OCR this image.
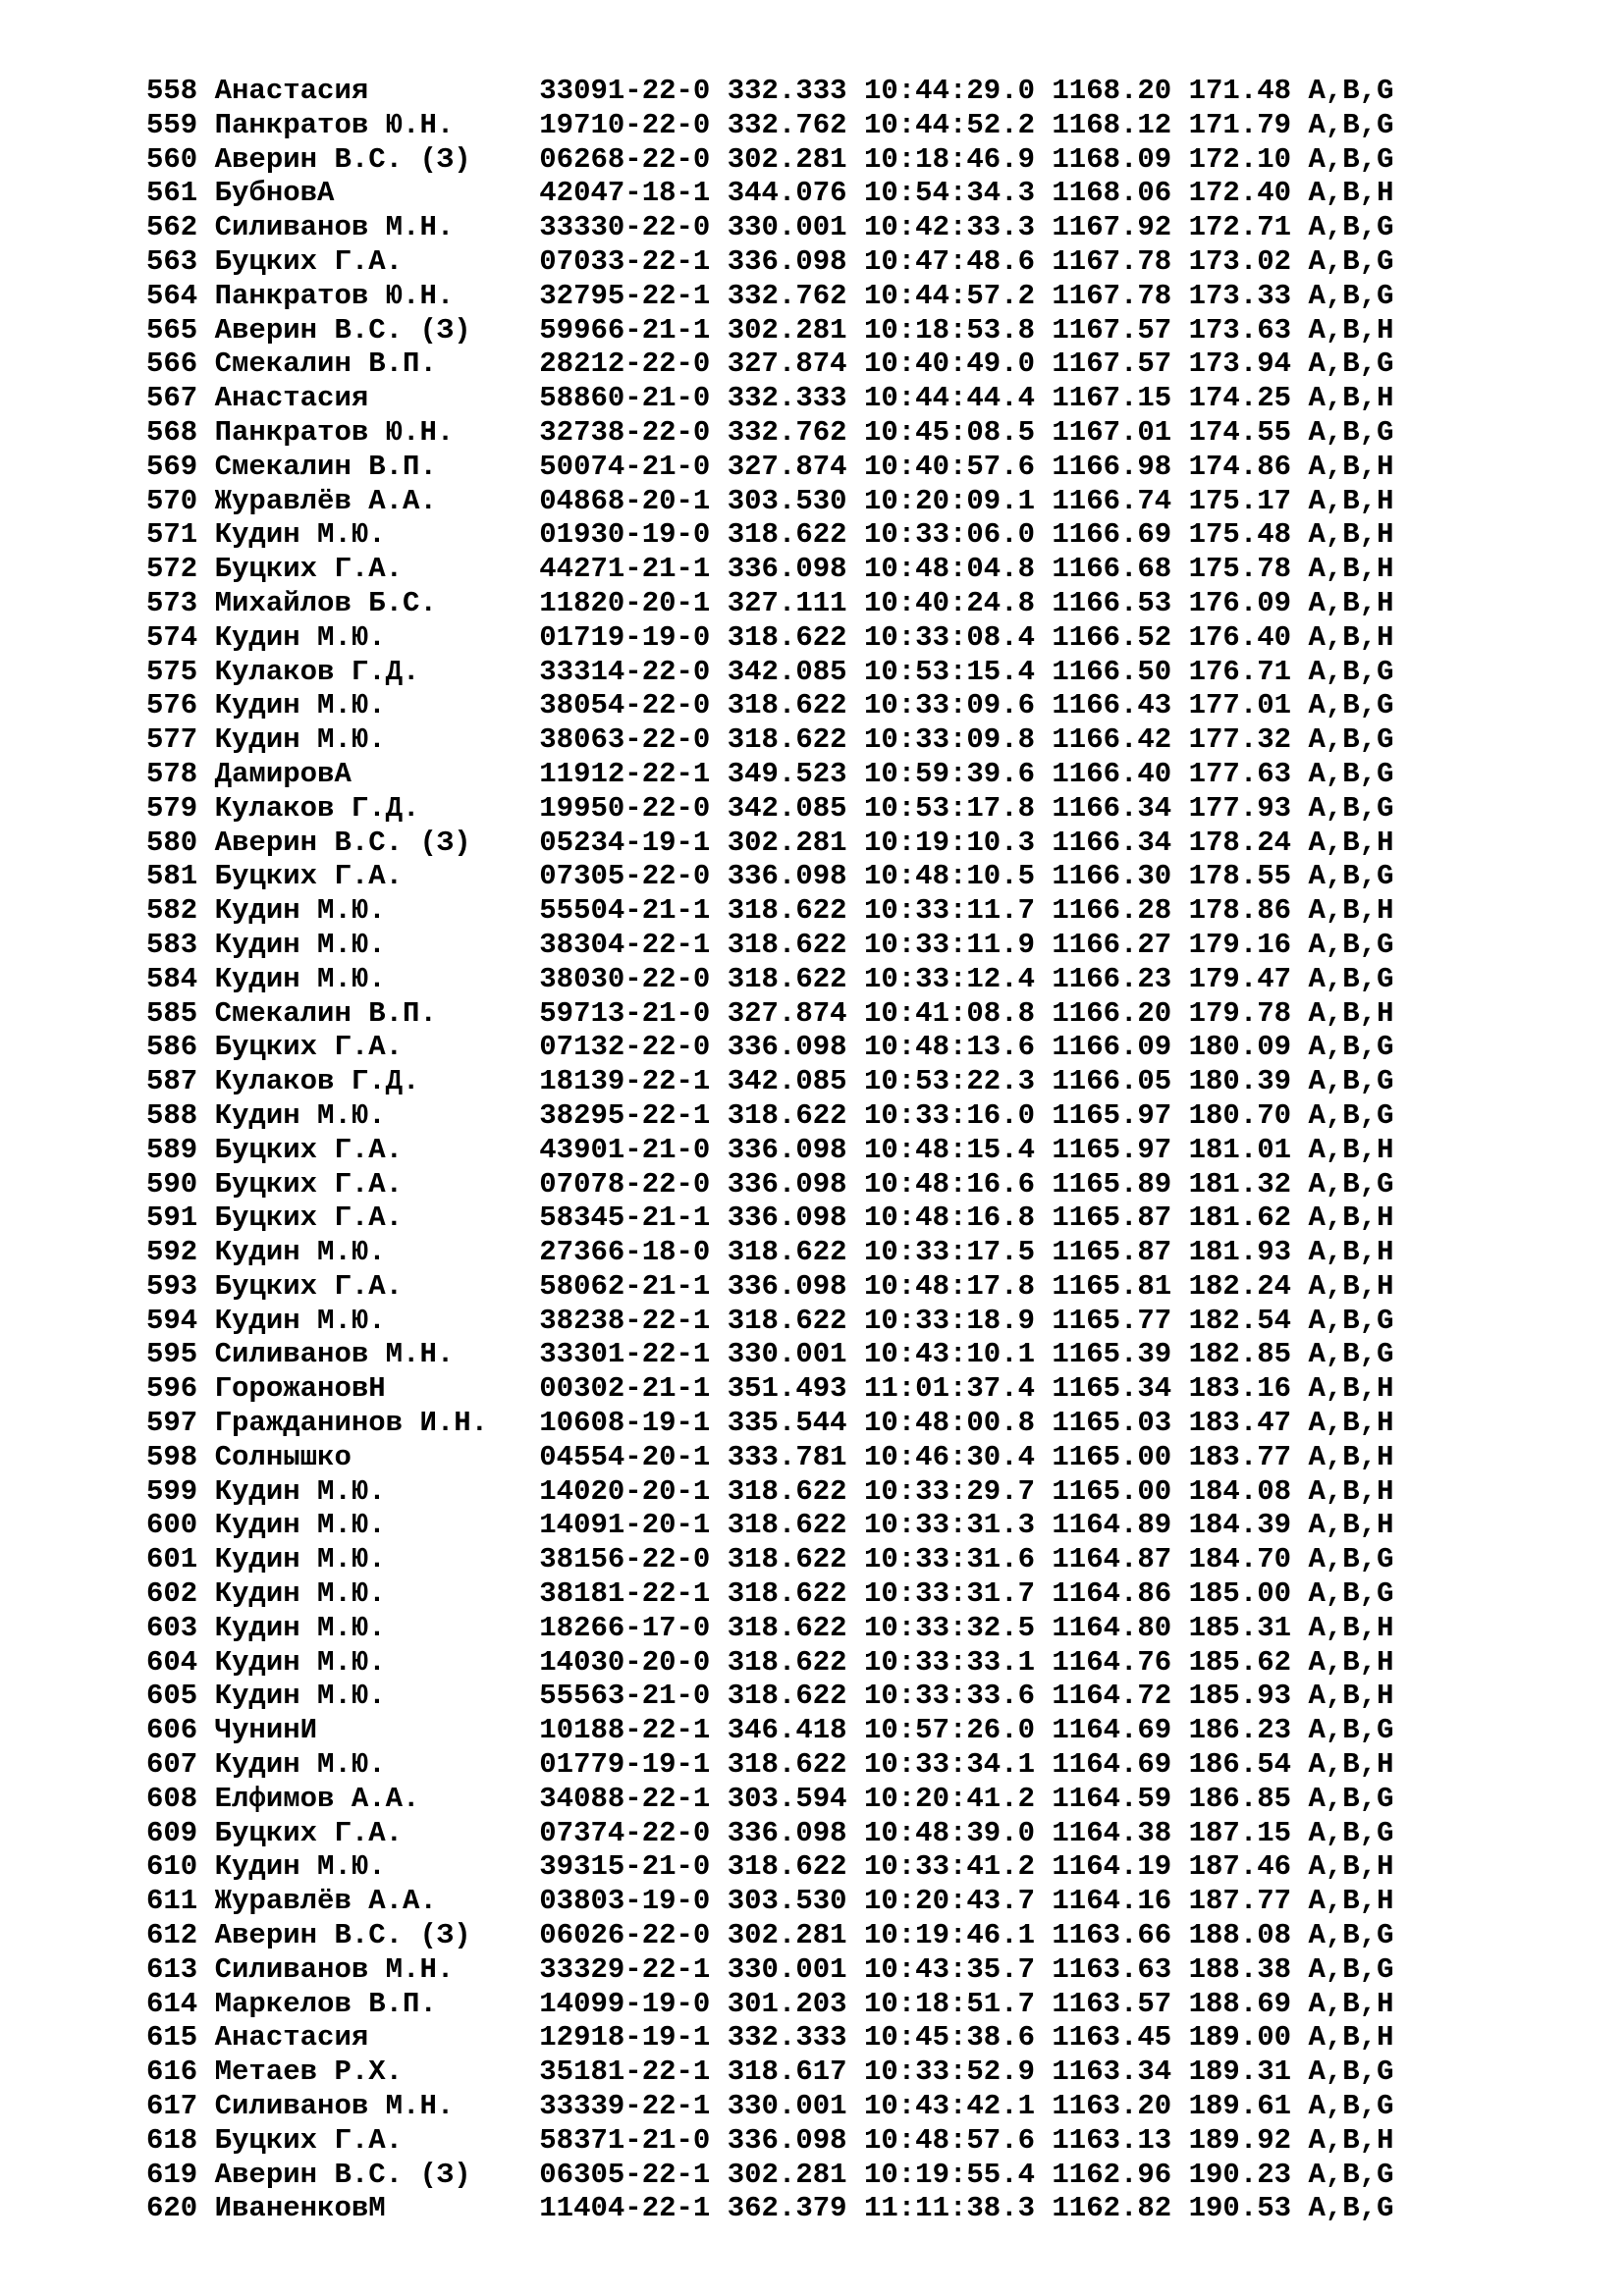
558 Анастасия          33091-22-0 332.333 10:44:29.0 1168.20 171.48 A,B,G
559 Панкратов Ю.Н.     19710-22-0 332.762 10:44:52.2 1168.12 171.79 A,B,G
560 Аверин В.С. (З)    06268-22-0 302.281 10:18:46.9 1168.09 172.10 A,B,G
561 БубновА            42047-18-1 344.076 10:54:34.3 1168.06 172.40 A,B,H
562 Силиванов М.Н.     33330-22-0 330.001 10:42:33.3 1167.92 172.71 A,B,G
563 Буцких Г.А.        07033-22-1 336.098 10:47:48.6 1167.78 173.02 A,B,G
564 Панкратов Ю.Н.     32795-22-1 332.762 10:44:57.2 1167.78 173.33 A,B,G
565 Аверин В.С. (З)    59966-21-1 302.281 10:18:53.8 1167.57 173.63 A,B,H
566 Смекалин В.П.      28212-22-0 327.874 10:40:49.0 1167.57 173.94 A,B,G
567 Анастасия          58860-21-0 332.333 10:44:44.4 1167.15 174.25 A,B,H
568 Панкратов Ю.Н.     32738-22-0 332.762 10:45:08.5 1167.01 174.55 A,B,G
569 Смекалин В.П.      50074-21-0 327.874 10:40:57.6 1166.98 174.86 A,B,H
570 Журавлёв А.А.      04868-20-1 303.530 10:20:09.1 1166.74 175.17 A,B,H
571 Кудин М.Ю.         01930-19-0 318.622 10:33:06.0 1166.69 175.48 A,B,H
572 Буцких Г.А.        44271-21-1 336.098 10:48:04.8 1166.68 175.78 A,B,H
573 Михайлов Б.С.      11820-20-1 327.111 10:40:24.8 1166.53 176.09 A,B,H
574 Кудин М.Ю.         01719-19-0 318.622 10:33:08.4 1166.52 176.40 A,B,H
575 Кулаков Г.Д.       33314-22-0 342.085 10:53:15.4 1166.50 176.71 A,B,G
576 Кудин М.Ю.         38054-22-0 318.622 10:33:09.6 1166.43 177.01 A,B,G
577 Кудин М.Ю.         38063-22-0 318.622 10:33:09.8 1166.42 177.32 A,B,G
578 ДамировА           11912-22-1 349.523 10:59:39.6 1166.40 177.63 A,B,G
579 Кулаков Г.Д.       19950-22-0 342.085 10:53:17.8 1166.34 177.93 A,B,G
580 Аверин В.С. (З)    05234-19-1 302.281 10:19:10.3 1166.34 178.24 A,B,H
581 Буцких Г.А.        07305-22-0 336.098 10:48:10.5 1166.30 178.55 A,B,G
582 Кудин М.Ю.         55504-21-1 318.622 10:33:11.7 1166.28 178.86 A,B,H
583 Кудин М.Ю.         38304-22-1 318.622 10:33:11.9 1166.27 179.16 A,B,G
584 Кудин М.Ю.         38030-22-0 318.622 10:33:12.4 1166.23 179.47 A,B,G
585 Смекалин В.П.      59713-21-0 327.874 10:41:08.8 1166.20 179.78 A,B,H
586 Буцких Г.А.        07132-22-0 336.098 10:48:13.6 1166.09 180.09 A,B,G
587 Кулаков Г.Д.       18139-22-1 342.085 10:53:22.3 1166.05 180.39 A,B,G
588 Кудин М.Ю.         38295-22-1 318.622 10:33:16.0 1165.97 180.70 A,B,G
589 Буцких Г.А.        43901-21-0 336.098 10:48:15.4 1165.97 181.01 A,B,H
590 Буцких Г.А.        07078-22-0 336.098 10:48:16.6 1165.89 181.32 A,B,G
591 Буцких Г.А.        58345-21-1 336.098 10:48:16.8 1165.87 181.62 A,B,H
592 Кудин М.Ю.         27366-18-0 318.622 10:33:17.5 1165.87 181.93 A,B,H
593 Буцких Г.А.        58062-21-1 336.098 10:48:17.8 1165.81 182.24 A,B,H
594 Кудин М.Ю.         38238-22-1 318.622 10:33:18.9 1165.77 182.54 A,B,G
595 Силиванов М.Н.     33301-22-1 330.001 10:43:10.1 1165.39 182.85 A,B,G
596 ГорожановН         00302-21-1 351.493 11:01:37.4 1165.34 183.16 A,B,H
597 Гражданинов И.Н.   10608-19-1 335.544 10:48:00.8 1165.03 183.47 A,B,H
598 Солнышко           04554-20-1 333.781 10:46:30.4 1165.00 183.77 A,B,H
599 Кудин М.Ю.         14020-20-1 318.622 10:33:29.7 1165.00 184.08 A,B,H
600 Кудин М.Ю.         14091-20-1 318.622 10:33:31.3 1164.89 184.39 A,B,H
601 Кудин М.Ю.         38156-22-0 318.622 10:33:31.6 1164.87 184.70 A,B,G
602 Кудин М.Ю.         38181-22-1 318.622 10:33:31.7 1164.86 185.00 A,B,G
603 Кудин М.Ю.         18266-17-0 318.622 10:33:32.5 1164.80 185.31 A,B,H
604 Кудин М.Ю.         14030-20-0 318.622 10:33:33.1 1164.76 185.62 A,B,H
605 Кудин М.Ю.         55563-21-0 318.622 10:33:33.6 1164.72 185.93 A,B,H
606 ЧунинИ             10188-22-1 346.418 10:57:26.0 1164.69 186.23 A,B,G
607 Кудин М.Ю.         01779-19-1 318.622 10:33:34.1 1164.69 186.54 A,B,H
608 Елфимов А.А.       34088-22-1 303.594 10:20:41.2 1164.59 186.85 A,B,G
609 Буцких Г.А.        07374-22-0 336.098 10:48:39.0 1164.38 187.15 A,B,G
610 Кудин М.Ю.         39315-21-0 318.622 10:33:41.2 1164.19 187.46 A,B,H
611 Журавлёв А.А.      03803-19-0 303.530 10:20:43.7 1164.16 187.77 A,B,H
612 Аверин В.С. (З)    06026-22-0 302.281 10:19:46.1 1163.66 188.08 A,B,G
613 Силиванов М.Н.     33329-22-1 330.001 10:43:35.7 1163.63 188.38 A,B,G
614 Маркелов В.П.      14099-19-0 301.203 10:18:51.7 1163.57 188.69 A,B,H
615 Анастасия          12918-19-1 332.333 10:45:38.6 1163.45 189.00 A,B,H
616 Метаев Р.Х.        35181-22-1 318.617 10:33:52.9 1163.34 189.31 A,B,G
617 Силиванов М.Н.     33339-22-1 330.001 10:43:42.1 1163.20 189.61 A,B,G
618 Буцких Г.А.        58371-21-0 336.098 10:48:57.6 1163.13 189.92 A,B,H
619 Аверин В.С. (З)    06305-22-1 302.281 10:19:55.4 1162.96 190.23 A,B,G
620 ИваненковМ         11404-22-1 362.379 11:11:38.3 1162.82 190.53 A,B,G
